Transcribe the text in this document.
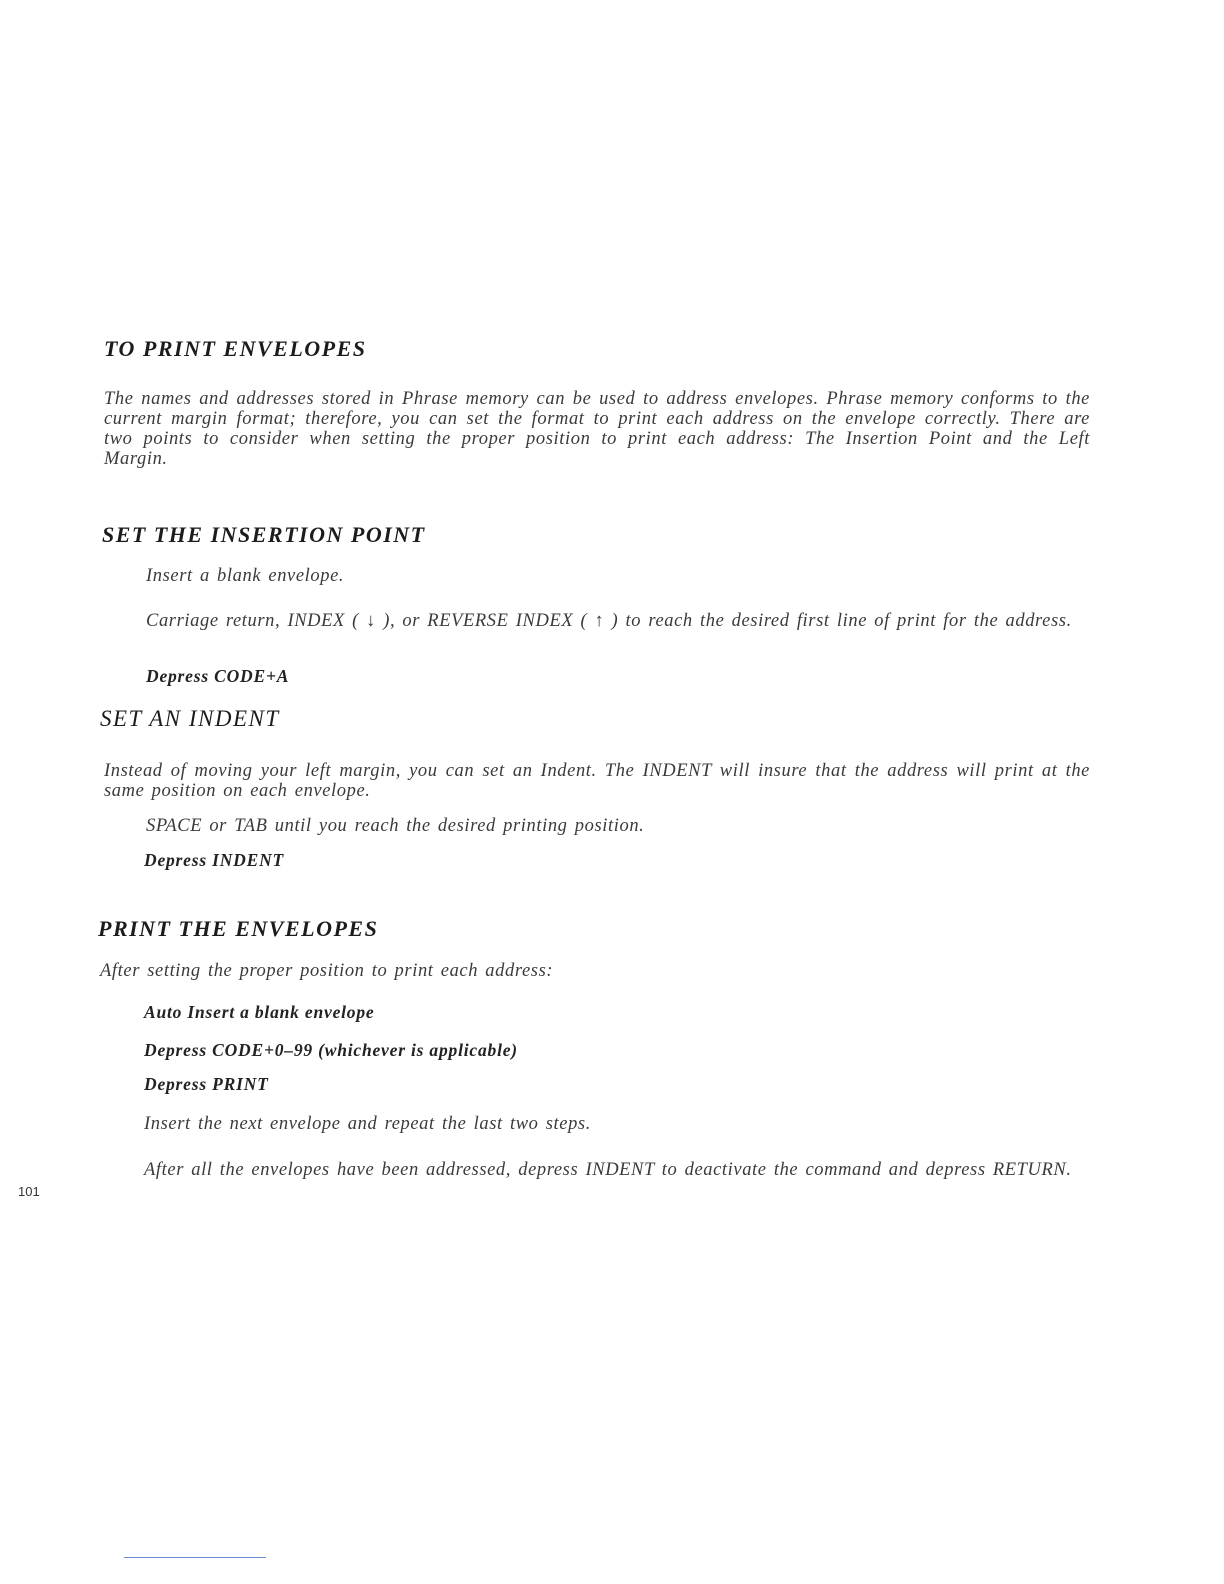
TO PRINT ENVELOPES

The names and addresses stored in Phrase memory can be used to address envelopes. Phrase memory conforms to the current margin format; therefore, you can set the format to print each address on the envelope correctly. There are two points to consider when setting the proper position to print each address: The Insertion Point and the Left Margin.

SET THE INSERTION POINT

Insert a blank envelope.

Carriage return, INDEX ( ↓ ), or REVERSE INDEX ( ↑ ) to reach the desired first line of print for the address.

Depress CODE+A

SET AN INDENT

Instead of moving your left margin, you can set an Indent. The INDENT will insure that the address will print at the same position on each envelope.

SPACE or TAB until you reach the desired printing position.

Depress INDENT

PRINT THE ENVELOPES

After setting the proper position to print each address:

Auto Insert a blank envelope

Depress CODE+0–99 (whichever is applicable)

Depress PRINT

Insert the next envelope and repeat the last two steps.

After all the envelopes have been addressed, depress INDENT to deactivate the command and depress RETURN.

101
